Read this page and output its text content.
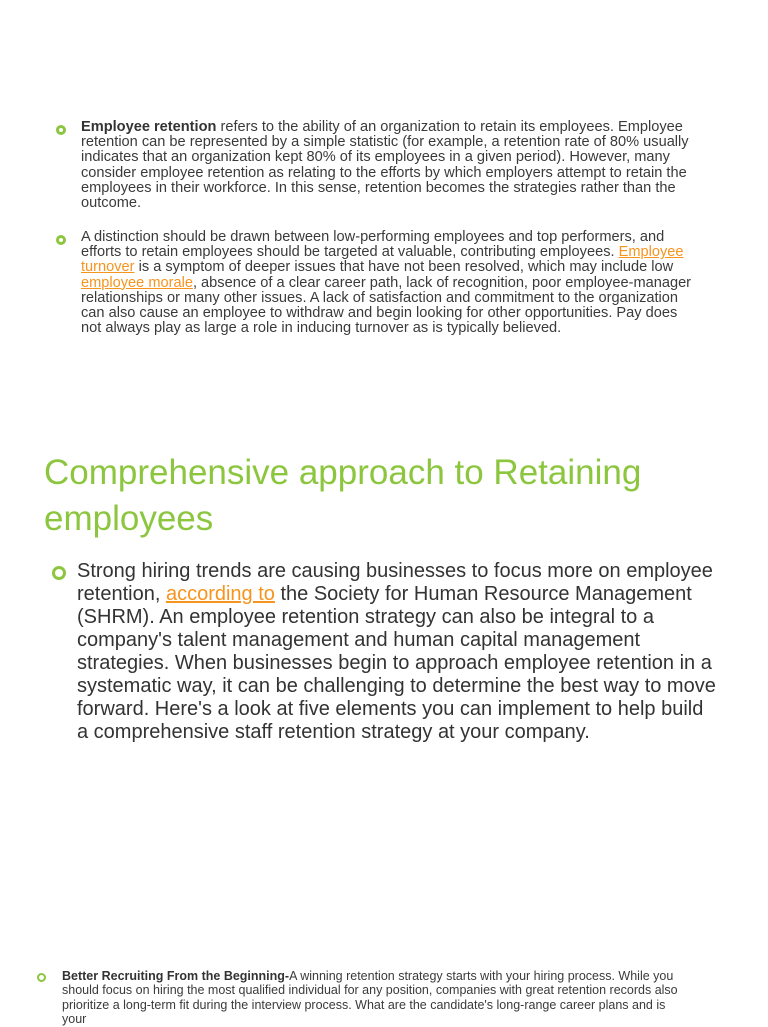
Employee retention refers to the ability of an organization to retain its employees. Employee retention can be represented by a simple statistic (for example, a retention rate of 80% usually indicates that an organization kept 80% of its employees in a given period). However, many consider employee retention as relating to the efforts by which employers attempt to retain the employees in their workforce. In this sense, retention becomes the strategies rather than the outcome.

A distinction should be drawn between low-performing employees and top performers, and efforts to retain employees should be targeted at valuable, contributing employees. Employee turnover is a symptom of deeper issues that have not been resolved, which may include low employee morale, absence of a clear career path, lack of recognition, poor employee-manager relationships or many other issues. A lack of satisfaction and commitment to the organization can also cause an employee to withdraw and begin looking for other opportunities. Pay does not always play as large a role in inducing turnover as is typically believed.

Comprehensive approach to Retaining employees

Strong hiring trends are causing businesses to focus more on employee retention, according to the Society for Human Resource Management (SHRM). An employee retention strategy can also be integral to a company's talent management and human capital management strategies. When businesses begin to approach employee retention in a systematic way, it can be challenging to determine the best way to move forward. Here's a look at five elements you can implement to help build a comprehensive staff retention strategy at your company.

Better Recruiting From the Beginning-A winning retention strategy starts with your hiring process. While you should focus on hiring the most qualified individual for any position, companies with great retention records also prioritize a long-term fit during the interview process. What are the candidate's long-range career plans and is your
